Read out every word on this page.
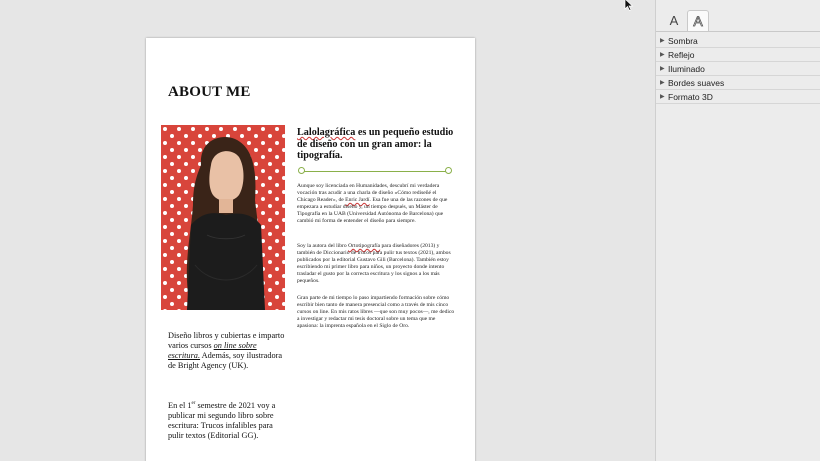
ABOUT ME
Lalolagráfica es un pequeño estudio de diseño con un gran amor: la tipografía.
Aunque soy licenciada en Humanidades, descubrí mi verdadera vocación tras acudir a una charla de diseño «Cómo rediseñé el Chicago Reader», de Enric Jardí. Esa fue una de las razones de que empezara a estudiar diseño y, un tiempo después, un Máster de Tipografía en la UAB (Universidad Autónoma de Barcelona) que cambió mi forma de entender el diseño para siempre.
Soy la autora del libro Ortotipografía para diseñadores (2013) y también de Diccionario de trucos para pulir tus textos (2021), ambos publicados por la editorial Gustavo Gili (Barcelona). También estoy escribiendo mi primer libro para niños, un proyecto donde intento trasladar el gusto por la correcta escritura y los signos a los más pequeños.
Gran parte de mi tiempo lo paso impartiendo formación sobre cómo escribir bien tanto de manera presencial como a través de mis cinco cursos on line. En mis ratos libres —que son muy pocos—, me dedico a investigar y redactar mi tesis doctoral sobre un tema que me apasiona: la imprenta española en el Siglo de Oro.
Diseño libros y cubiertas e imparto varios cursos on line sobre escritura. Además, soy ilustradora de Bright Agency (UK).
En el 1er semestre de 2021 voy a publicar mi segundo libro sobre escritura: Trucos infalibles para pulir textos (Editorial GG).
A	A
▶ Sombra
▶ Reflejo
▶ Iluminado
▶ Bordes suaves
▶ Formato 3D
